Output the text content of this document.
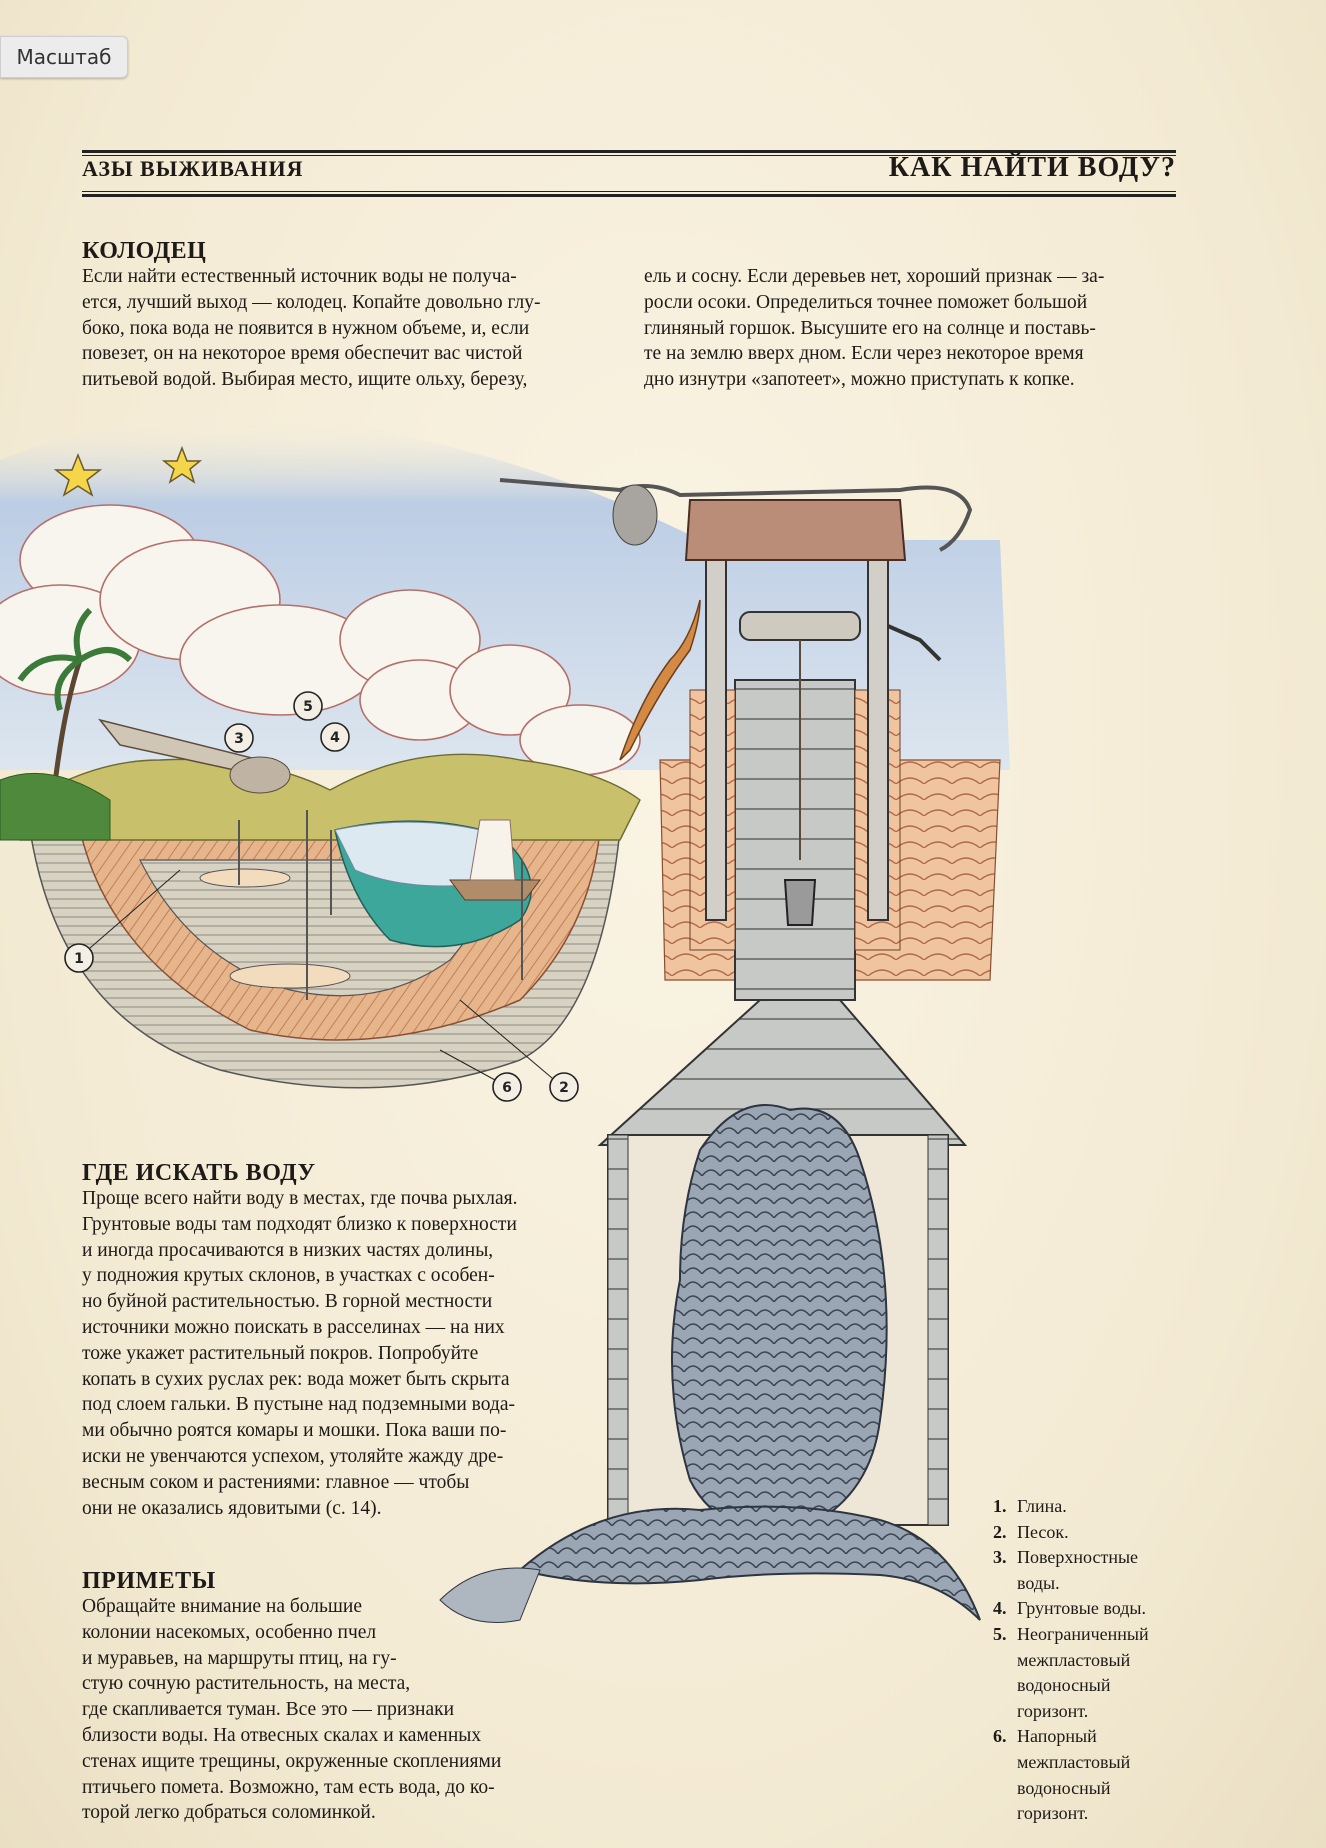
Масштаб
АЗЫ ВЫЖИВАНИЯ	КАК НАЙТИ ВОДУ?
КОЛОДЕЦ

Если найти естественный источник воды не получа-
ется, лучший выход — колодец. Копайте довольно глу-
боко, пока вода не появится в нужном объеме, и, если
повезет, он на некоторое время обеспечит вас чистой
питьевой водой. Выбирая место, ищите ольху, березу,

ель и сосну. Если деревьев нет, хороший признак — за-
росли осоки. Определиться точнее поможет большой
глиняный горшок. Высушите его на солнце и поставь-
те на землю вверх дном. Если через некоторое время
дно изнутри «запотеет», можно приступать к копке.

1
2
3	4
5
6
ГДЕ ИСКАТЬ ВОДУ

Проще всего найти воду в местах, где почва рыхлая.
Грунтовые воды там подходят близко к поверхности
и иногда просачиваются в низких частях долины,
у подножия крутых склонов, в участках с особен-
но буйной растительностью. В горной местности
источники можно поискать в расселинах — на них
тоже укажет растительный покров. Попробуйте
копать в сухих руслах рек: вода может быть скрыта
под слоем гальки. В пустыне над подземными вода-
ми обычно роятся комары и мошки. Пока ваши по-
иски не увенчаются успехом, утоляйте жажду дре-
весным соком и растениями: главное — чтобы
они не оказались ядовитыми (с. 14).

ПРИМЕТЫ

Обращайте внимание на большие
колонии насекомых, особенно пчел
и муравьев, на маршруты птиц, на гу-
стую сочную растительность, на места,
где скапливается туман. Все это — признаки
близости воды. На отвесных скалах и каменных
стенах ищите трещины, окруженные скоплениями
птичьего помета. Возможно, там есть вода, до ко-
торой легко добраться соломинкой.

1. Глина.
2. Песок.
3. Поверхностные
воды.
4. Грунтовые воды.
5. Неограниченный
межпластовый
водоносный
горизонт.
6. Напорный
межпластовый
водоносный
горизонт.
